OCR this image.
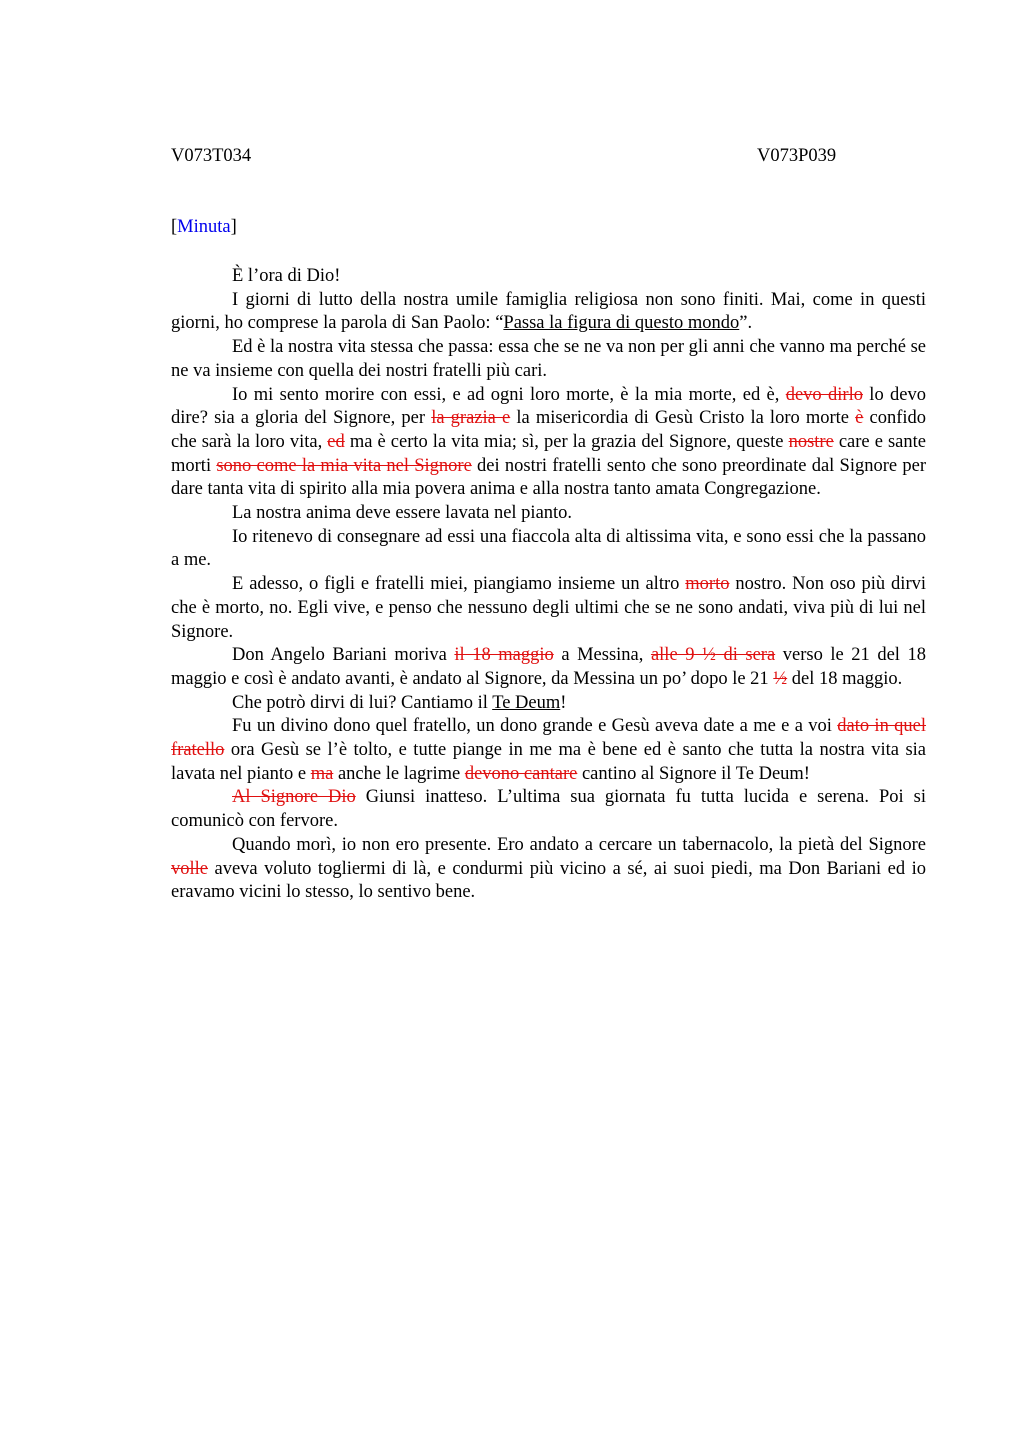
V073T034	V073P039
[Minuta]

È l’ora di Dio!

I giorni di lutto della nostra umile famiglia religiosa non sono finiti. Mai, come in questi giorni, ho comprese la parola di San Paolo: “Passa la figura di questo mondo”.

Ed è la nostra vita stessa che passa: essa che se ne va non per gli anni che vanno ma perché se ne va insieme con quella dei nostri fratelli più cari.

Io mi sento morire con essi, e ad ogni loro morte, è la mia morte, ed è, devo dirlo lo devo dire? sia a gloria del Signore, per la grazia e la misericordia di Gesù Cristo la loro morte è confido che sarà la loro vita, ed ma è certo la vita mia; sì, per la grazia del Signore, queste nostre care e sante morti sono come la mia vita nel Signore dei nostri fratelli sento che sono preordinate dal Signore per dare tanta vita di spirito alla mia povera anima e alla nostra tanto amata Congregazione.

La nostra anima deve essere lavata nel pianto.

Io ritenevo di consegnare ad essi una fiaccola alta di altissima vita, e sono essi che la passano a me.

E adesso, o figli e fratelli miei, piangiamo insieme un altro morto nostro. Non oso più dirvi che è morto, no. Egli vive, e penso che nessuno degli ultimi che se ne sono andati, viva più di lui nel Signore.

Don Angelo Bariani moriva il 18 maggio a Messina, alle 9 ½ di sera verso le 21 del 18 maggio e così è andato avanti, è andato al Signore, da Messina un po’ dopo le 21 ½ del 18 maggio.

Che potrò dirvi di lui? Cantiamo il Te Deum!

Fu un divino dono quel fratello, un dono grande e Gesù aveva date a me e a voi dato in quel fratello ora Gesù se l’è tolto, e tutte piange in me ma è bene ed è santo che tutta la nostra vita sia lavata nel pianto e ma anche le lagrime devono cantare cantino al Signore il Te Deum!

Al Signore Dio Giunsi inatteso. L’ultima sua giornata fu tutta lucida e serena. Poi si comunicò con fervore.

Quando morì, io non ero presente. Ero andato a cercare un tabernacolo, la pietà del Signore volle aveva voluto togliermi di là, e condurmi più vicino a sé, ai suoi piedi, ma Don Bariani ed io eravamo vicini lo stesso, lo sentivo bene.
